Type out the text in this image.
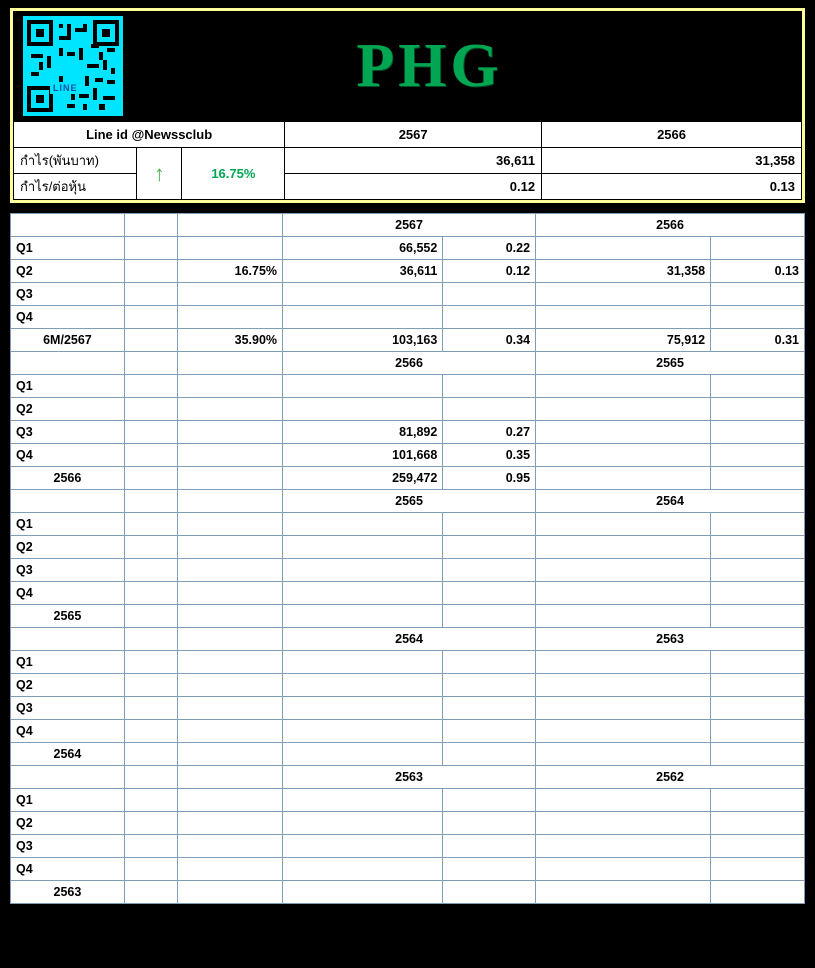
LINE	PHG
Line id @Newssclub			2567	2566
กำไร(พันบาท)	↑	16.75%	36,611	31,358
กำไร/ต่อหุ้น			0.12	0.13
			2567		2566	
Q1			66,552	0.22		
Q2		16.75%	36,611	0.12	31,358	0.13
Q3						
Q4						
6M/2567		35.90%	103,163	0.34	75,912	0.31
			2566		2565	
Q1						
Q2						
Q3			81,892	0.27		
Q4			101,668	0.35		
2566			259,472	0.95		
			2565		2564	
Q1						
Q2						
Q3						
Q4						
2565						
			2564		2563	
Q1						
Q2						
Q3						
Q4						
2564						
			2563		2562	
Q1						
Q2						
Q3						
Q4						
2563						
